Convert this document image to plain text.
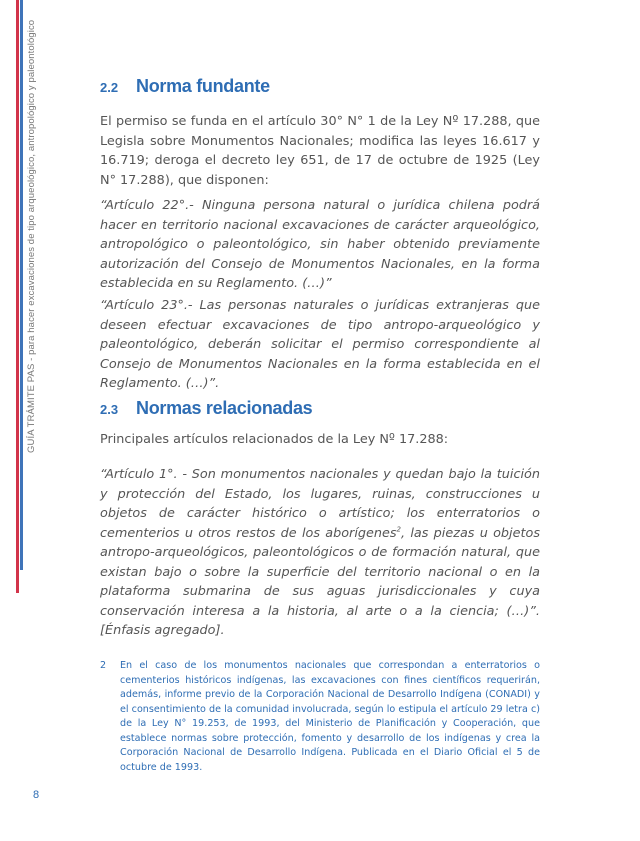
GUÍA TRÁMITE PAS - para hacer excavaciones de tipo arqueológico, antropológico y paleontológico	2.2 Norma fundante

El permiso se funda en el artículo 30° N° 1 de la Ley Nº 17.288, que Legisla sobre Monumentos Nacionales; modifica las leyes 16.617 y 16.719; deroga el decreto ley 651, de 17 de octubre de 1925 (Ley N° 17.288), que disponen:

“Artículo 22°.- Ninguna persona natural o jurídica chilena podrá hacer en territorio nacional excavaciones de carácter arqueológico, antropológico o paleontológico, sin haber obtenido previamente autorización del Consejo de Monumentos Nacionales, en la forma establecida en su Reglamento. (…)”

“Artículo 23°.- Las personas naturales o jurídicas extranjeras que deseen efectuar excavaciones de tipo antropo-arqueológico y paleontológico, deberán solicitar el permiso correspondiente al Consejo de Monumentos Nacionales en la forma establecida en el Reglamento. (…)”.

2.3 Normas relacionadas

Principales artículos relacionados de la Ley Nº 17.288:

“Artículo 1°. - Son monumentos nacionales y quedan bajo la tuición y protección del Estado, los lugares, ruinas, construcciones u objetos de carácter histórico o artístico; los enterratorios o cementerios u otros restos de los aborígenes$^2$, las piezas u objetos antropo-arqueológicos, paleontológicos o de formación natural, que existan bajo o sobre la superficie del territorio nacional o en la plataforma submarina de sus aguas jurisdiccionales y cuya conservación interesa a la historia, al arte o a la ciencia; (…)”. [Énfasis agregado].

2	En el caso de los monumentos nacionales que correspondan a enterratorios o cementerios históricos indígenas, las excavaciones con fines científicos requerirán, además, informe previo de la Corporación Nacional de Desarrollo Indígena (CONADI) y el consentimiento de la comunidad involucrada, según lo estipula el artículo 29 letra c) de la Ley N° 19.253, de 1993, del Ministerio de Planificación y Cooperación, que establece normas sobre protección, fomento y desarrollo de los indígenas y crea la Corporación Nacional de Desarrollo Indígena. Publicada en el Diario Oficial el 5 de octubre de 1993.
8
